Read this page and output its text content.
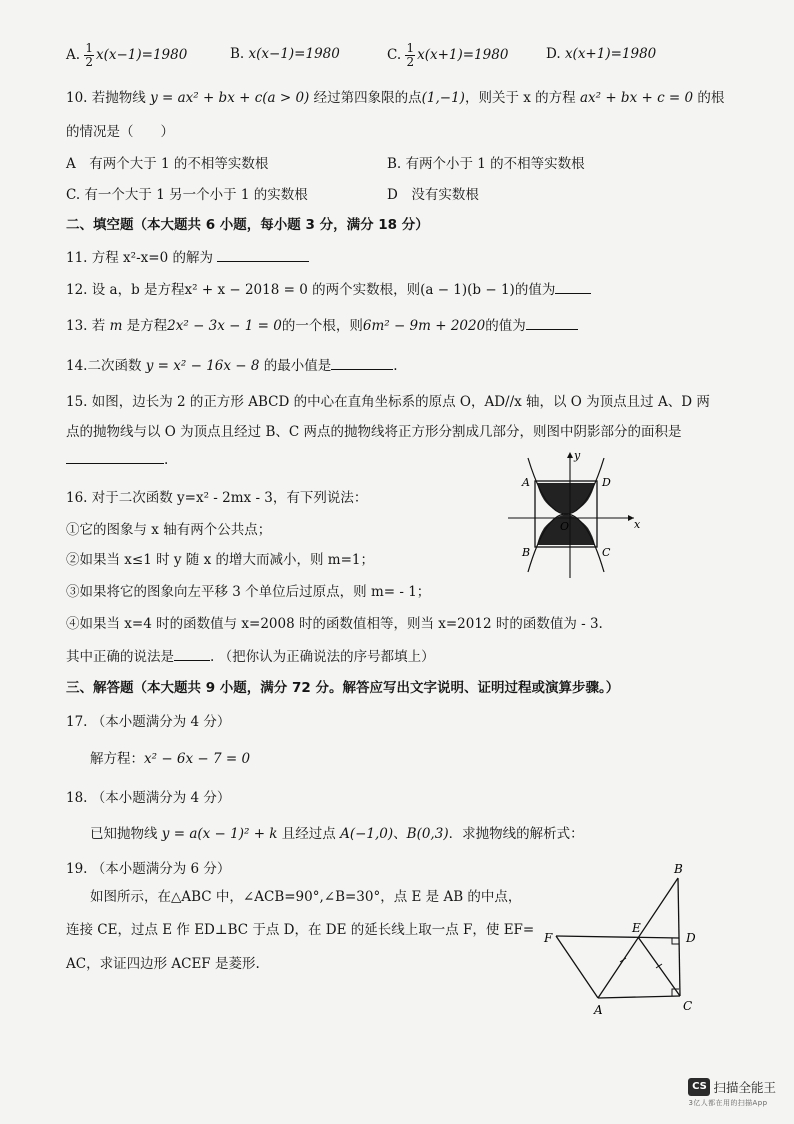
A. $\frac{1}{2} x(x-1)=1980$	B. x(x−1)=1980	C. $\frac{1}{2} x(x+1)=1980$	D. x(x+1)=1980
10. 若抛物线 y = ax² + bx + c(a > 0) 经过第四象限的点(1,−1)，则关于 x 的方程 ax² + bx + c = 0 的根
的情况是（　　）
A　有两个大于 1 的不相等实数根	B. 有两个小于 1 的不相等实数根
C. 有一个大于 1 另一个小于 1 的实数根	D　没有实数根
二、填空题（本大题共 6 小题，每小题 3 分，满分 18 分）
11. 方程 x²-x=0 的解为
12. 设 a，b 是方程x² + x − 2018 = 0 的两个实数根，则(a − 1)(b − 1)的值为
13. 若 m 是方程2x² − 3x − 1 = 0的一个根，则6m² − 9m + 2020的值为
14.二次函数 y = x² − 16x − 8 的最小值是	.
15. 如图，边长为 2 的正方形 ABCD 的中心在直角坐标系的原点 O，AD//x 轴，以 O 为顶点且过 A、D 两
点的抛物线与以 O 为顶点且经过 B、C 两点的抛物线将正方形分割成几部分，则图中阴影部分的面积是
.
A	D
B	C
O	x
y
16. 对于二次函数 y=x² - 2mx - 3，有下列说法：
①它的图象与 x 轴有两个公共点；
②如果当 x≤1 时 y 随 x 的增大而减小，则 m=1；
③如果将它的图象向左平移 3 个单位后过原点，则 m= - 1；
④如果当 x=4 时的函数值与 x=2008 时的函数值相等，则当 x=2012 时的函数值为 - 3.
其中正确的说法是	. （把你认为正确说法的序号都填上）
三、解答题（本大题共 9 小题，满分 72 分。解答应写出文字说明、证明过程或演算步骤。）
17. （本小题满分为 4 分）
解方程：x² − 6x − 7 = 0
18. （本小题满分为 4 分）
已知抛物线 y = a(x − 1)² + k 且经过点 A(−1,0)、B(0,3)．求抛物线的解析式：
19. （本小题满分为 6 分）
如图所示，在△ABC 中，∠ACB=90°,∠B=30°，点 E 是 AB 的中点，
连接 CE，过点 E 作 ED⊥BC 于点 D，在 DE 的延长线上取一点 F，使 EF=
AC，求证四边形 ACEF 是菱形.
B
E
D
F
A	C
CS 扫描全能王
3亿人都在用的扫描App
